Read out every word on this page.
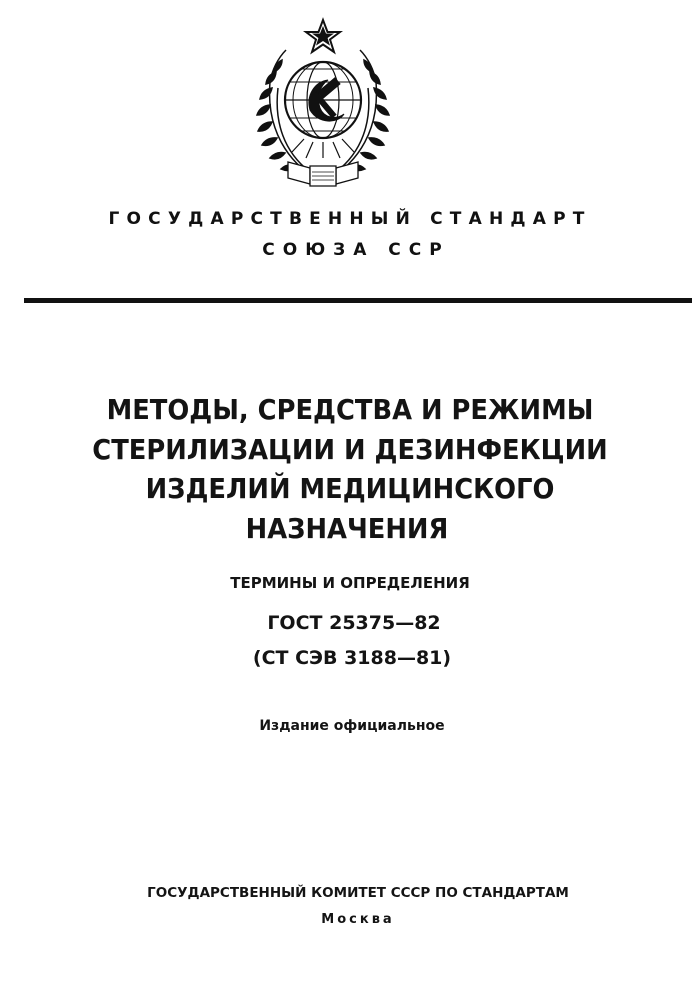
ГОСУДАРСТВЕННЫЙ СТАНДАРТ
СОЮЗА ССР
МЕТОДЫ, СРЕДСТВА И РЕЖИМЫ
СТЕРИЛИЗАЦИИ И ДЕЗИНФЕКЦИИ
ИЗДЕЛИЙ МЕДИЦИНСКОГО
НАЗНАЧЕНИЯ
ТЕРМИНЫ И ОПРЕДЕЛЕНИЯ
ГОСТ 25375—82
(СТ СЭВ 3188—81)
Издание официальное
ГОСУДАРСТВЕННЫЙ КОМИТЕТ СССР ПО СТАНДАРТАМ
Москва
